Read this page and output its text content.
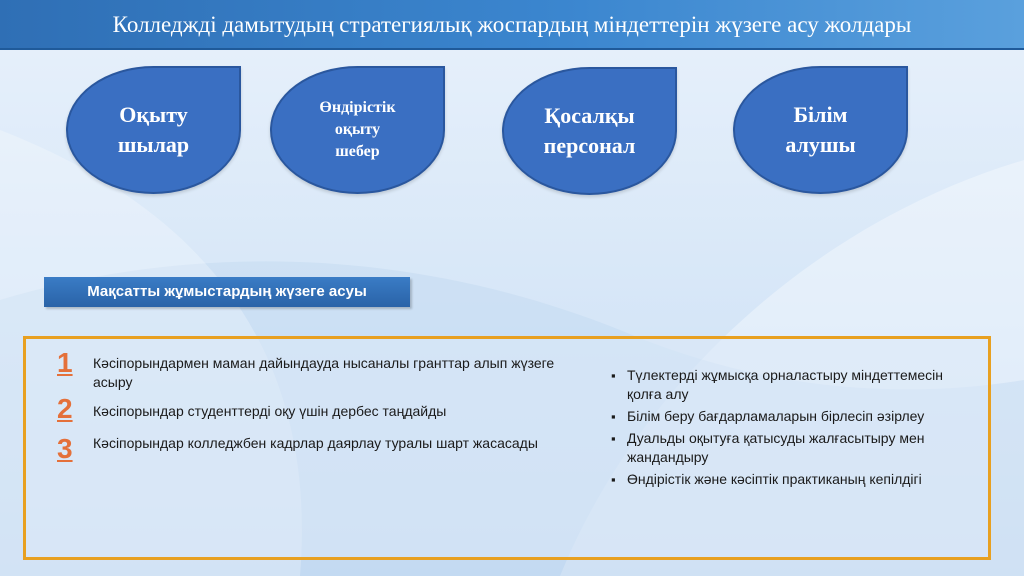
Колледжді дамытудың стратегиялық жоспардың міндеттерін жүзеге асу жолдары
Оқыту
шылар
Өндірістік
оқыту
шебер
Қосалқы
персонал
Білім
алушы
Мақсатты жұмыстардың жүзеге асуы
1	Кәсіпорындармен маман дайындауда нысаналы гранттар алып жүзеге асыру
2	Кәсіпорындар студенттерді оқу үшін дербес таңдайды
3	Кәсіпорындар колледжбен кадрлар даярлау туралы шарт жасасады
▪ Түлектерді жұмысқа орналастыру міндеттемесін қолға алу
▪ Білім беру бағдарламаларын бірлесіп әзірлеу
▪ Дуальды оқытуға қатысуды жалғасытыру мен жандандыру
▪ Өндірістік және кәсіптік практиканың кепілдігі
